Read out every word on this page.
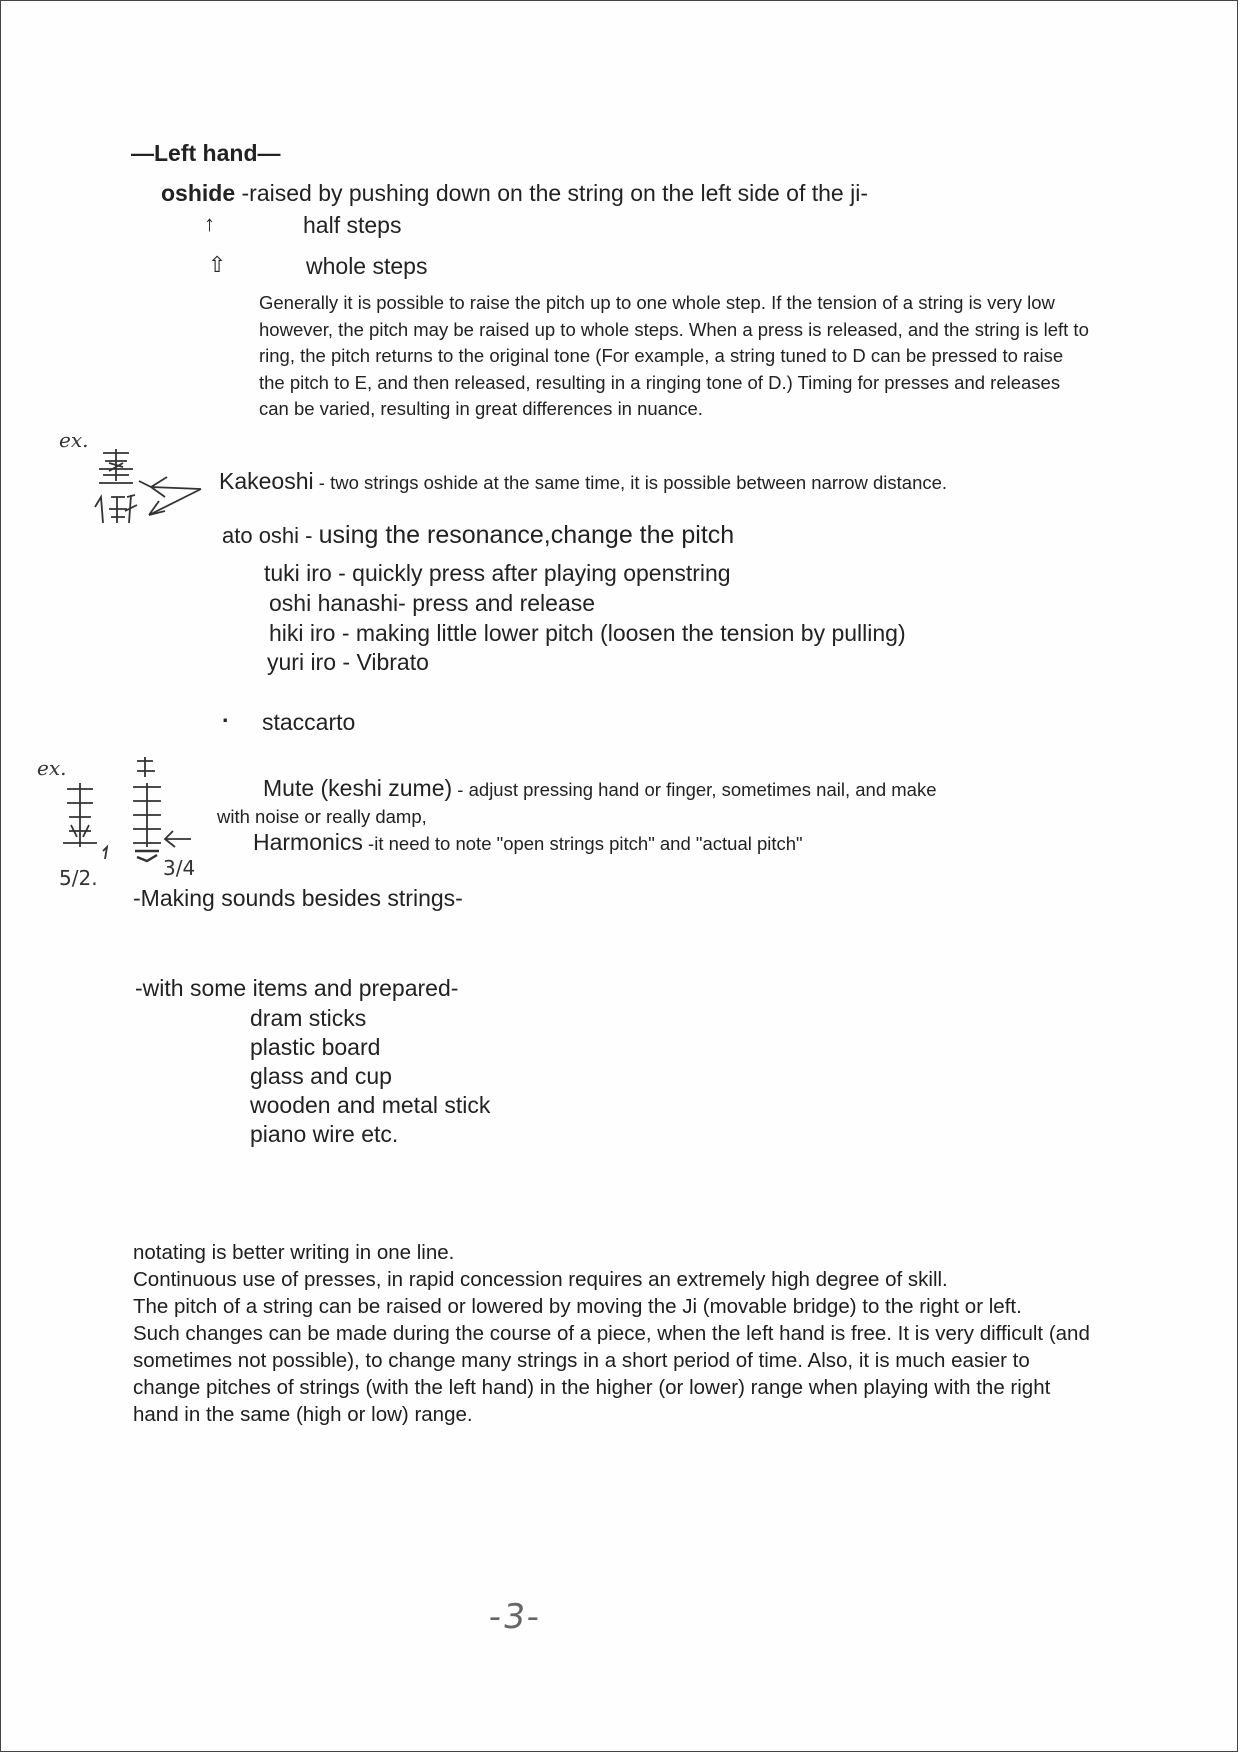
—Left hand—
oshide -raised by pushing down on the string on the left side of the ji-
↑	half steps
⇧	whole steps
Generally it is possible to raise the pitch up to one whole step. If the tension of a string is very low however, the pitch may be raised up to whole steps. When a press is released, and the string is left to ring, the pitch returns to the original tone (For example, a string tuned to D can be pressed to raise the pitch to E, and then released, resulting in a ringing tone of D.) Timing for presses and releases can be varied, resulting in great differences in nuance.
ex.
Kakeoshi - two strings oshide at the same time, it is possible between narrow distance.
ato oshi - using the resonance,change the pitch
tuki iro - quickly press after playing openstring
oshi hanashi- press and release
hiki iro - making little lower pitch (loosen the tension by pulling)
yuri iro - Vibrato
· staccarto
ex.
5/2.	3/4
Mute (keshi zume) - adjust pressing hand or finger, sometimes nail, and make
with noise or really damp,
Harmonics -it need to note "open strings pitch" and "actual pitch"
-Making sounds besides strings-
-with some items and prepared-
dram sticks
plastic board
glass and cup
wooden and metal stick
piano wire etc.

notating is better writing in one line.

Continuous use of presses, in rapid concession requires an extremely high degree of skill.

The pitch of a string can be raised or lowered by moving the Ji (movable bridge) to the right or left.

Such changes can be made during the course of a piece, when the left hand is free. It is very difficult (and sometimes not possible), to change many strings in a short period of time. Also, it is much easier to change pitches of strings (with the left hand) in the higher (or lower) range when playing with the right hand in the same (high or low) range.

-3-
